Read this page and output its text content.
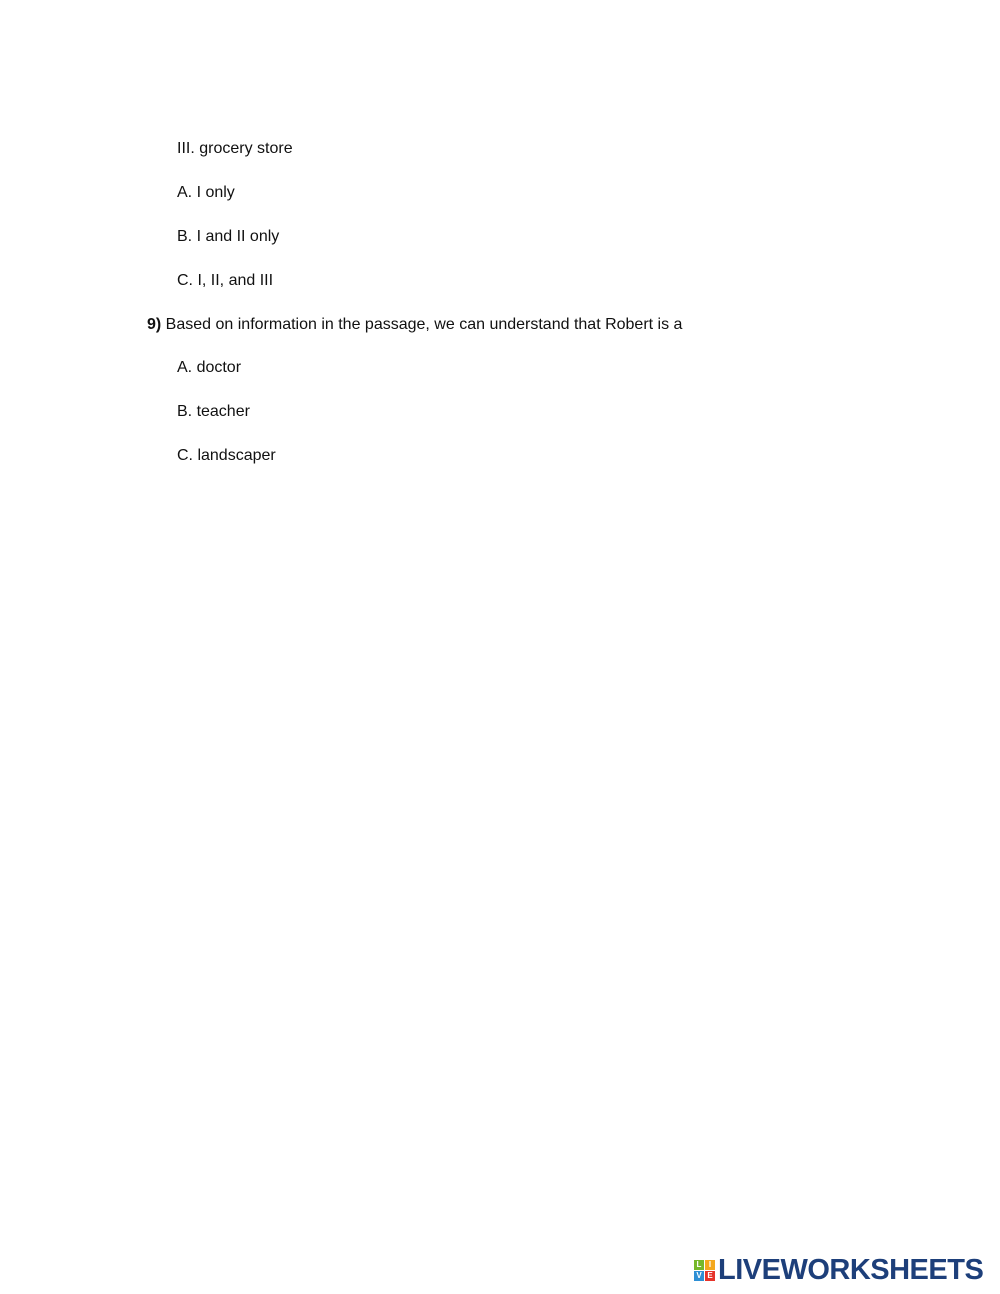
III. grocery store
A. I only
B. I and II only
C. I, II, and III
9) Based on information in the passage, we can understand that Robert is a
A. doctor
B. teacher
C. landscaper
L I
V E LIVEWORKSHEETS
